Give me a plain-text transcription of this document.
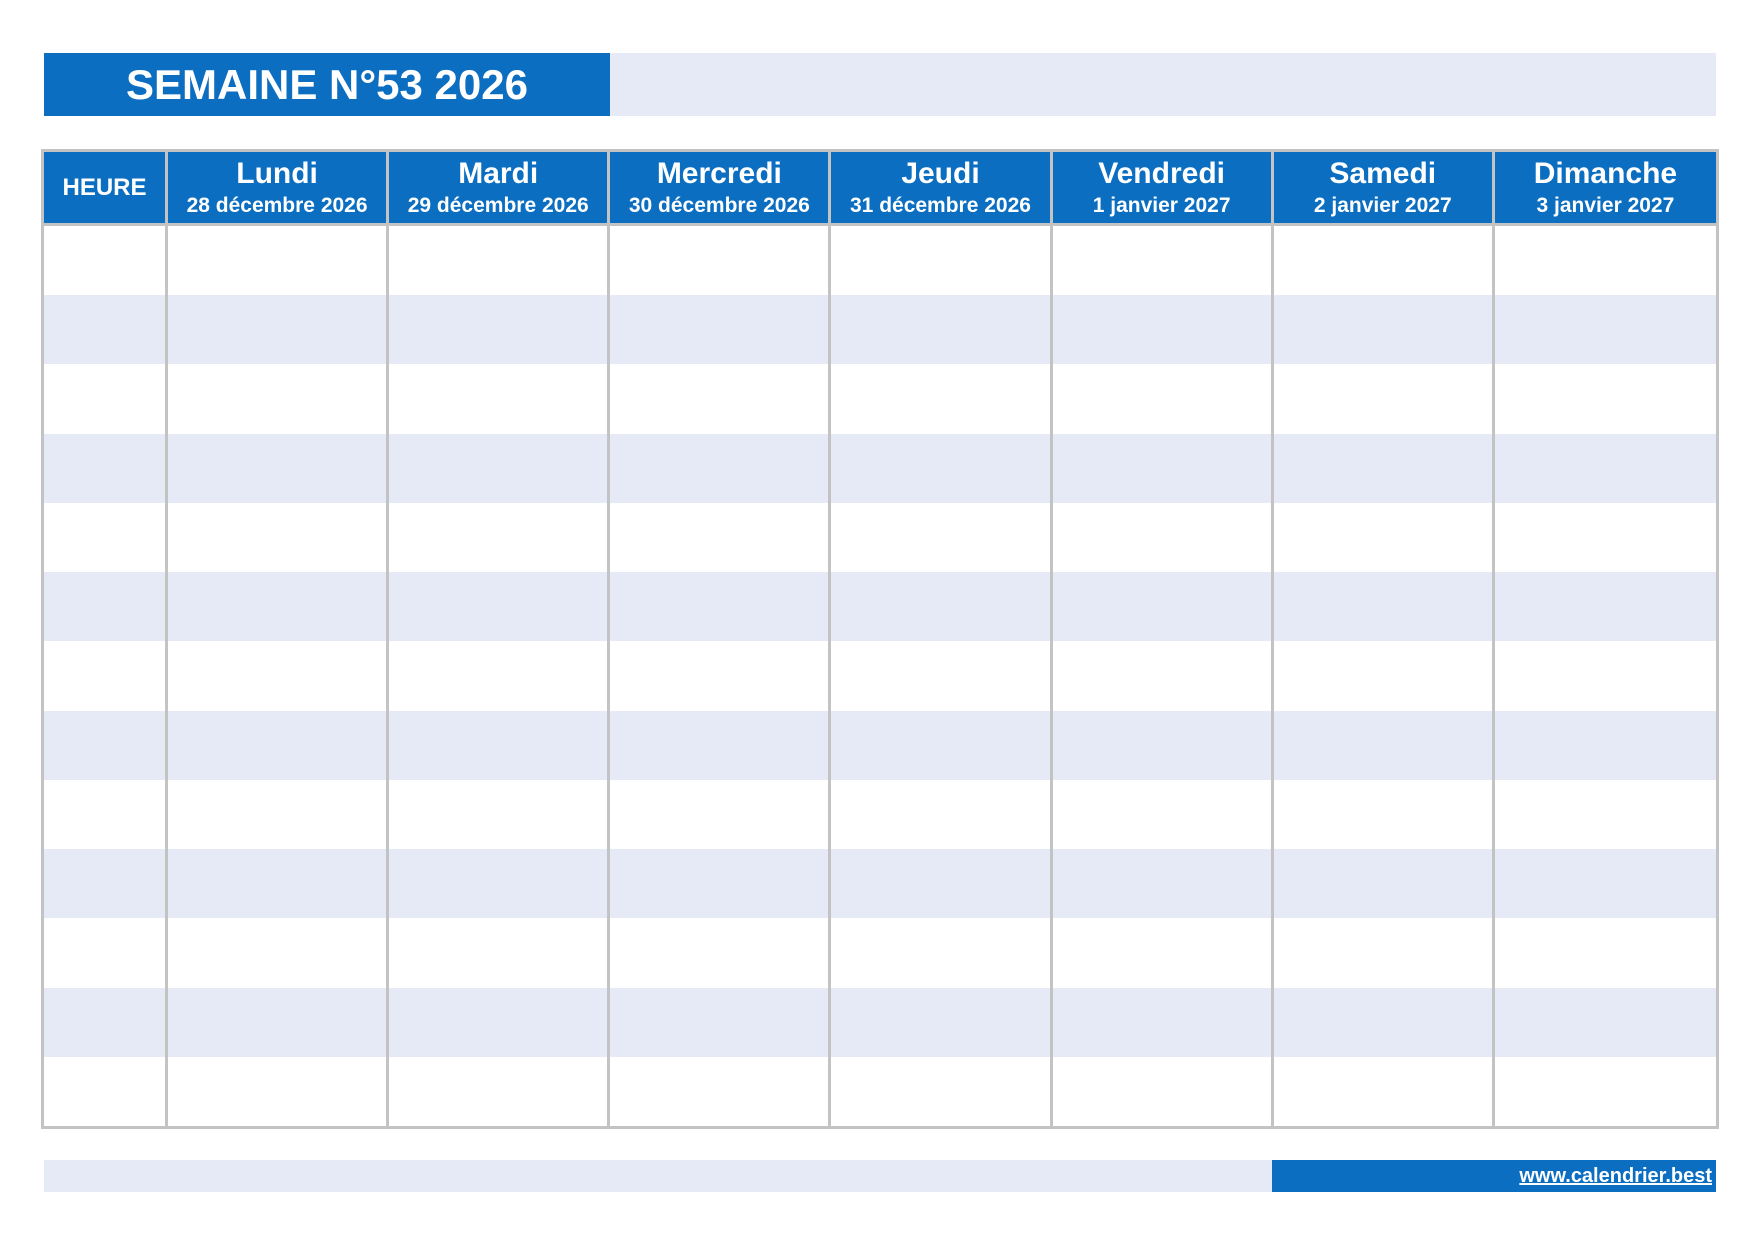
SEMAINE N°53 2026
HEURE	Lundi
28 décembre 2026
Mardi
29 décembre 2026
Mercredi
30 décembre 2026
Jeudi
31 décembre 2026
Vendredi
1 janvier 2027
Samedi
2 janvier 2027
Dimanche
3 janvier 2027
www.calendrier.best
